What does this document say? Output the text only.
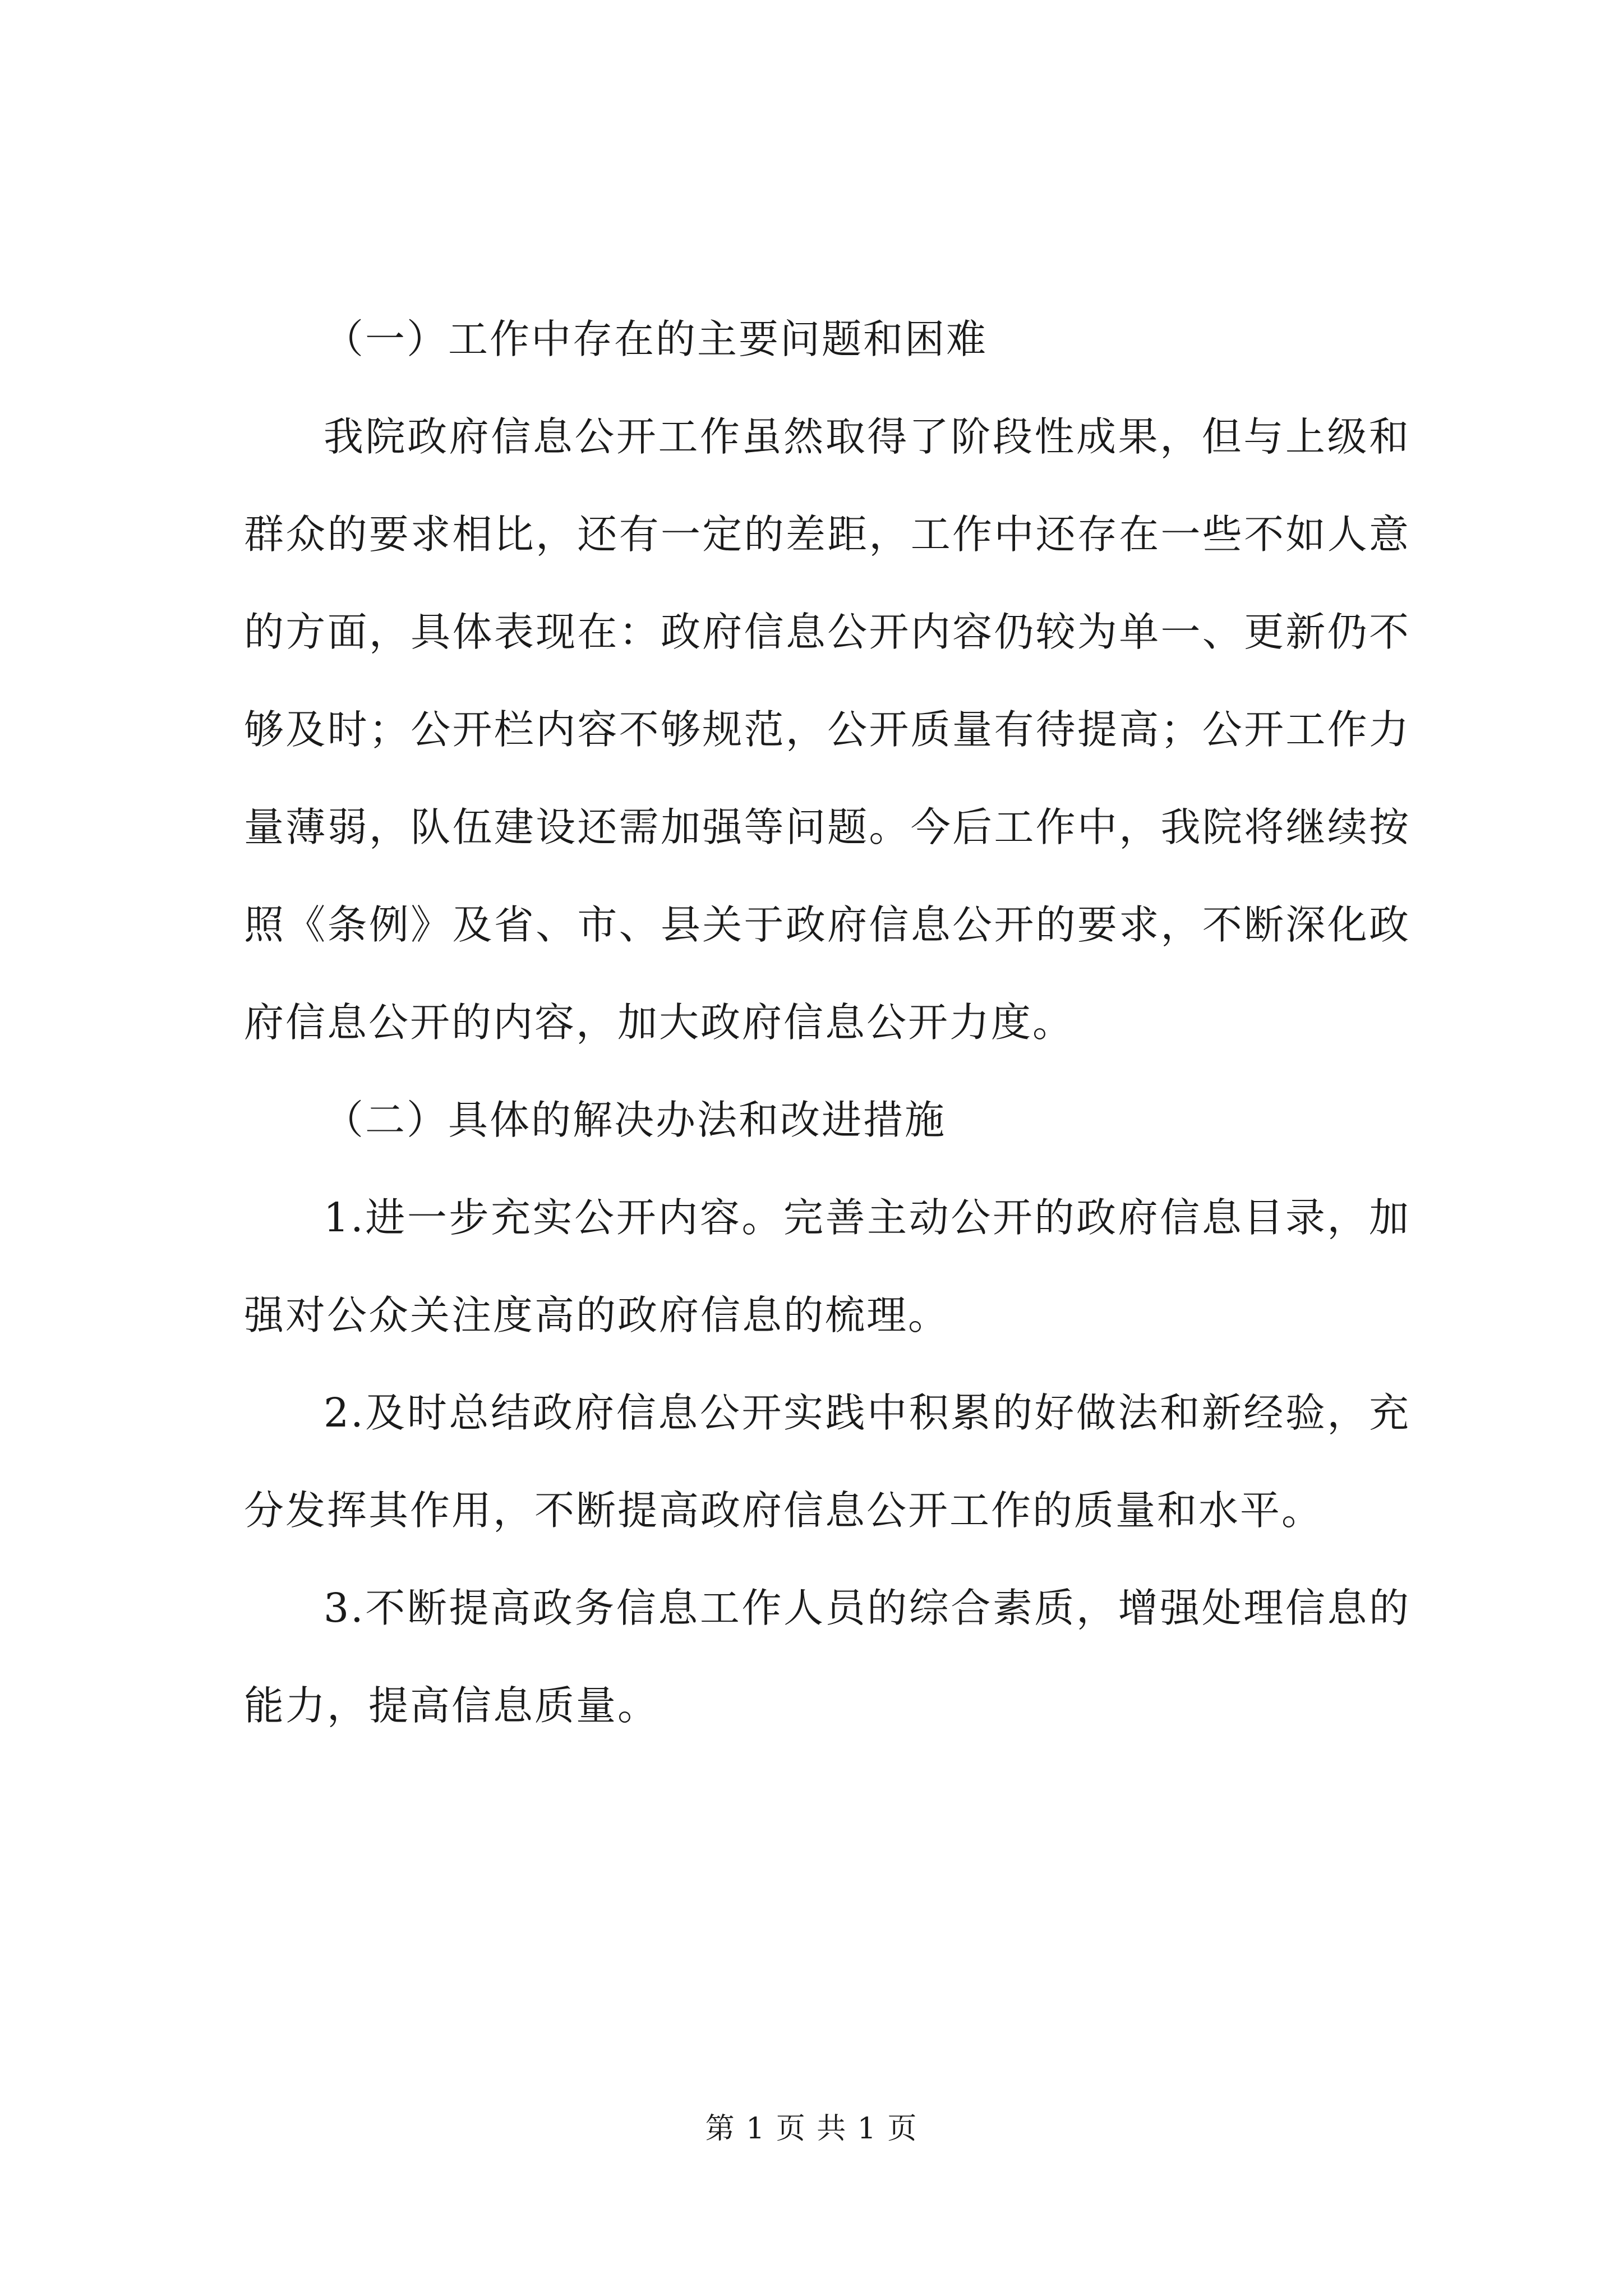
（一）工作中存在的主要问题和困难

我院政府信息公开工作虽然取得了阶段性成果，但与上级和群众的要求相比，还有一定的差距，工作中还存在一些不如人意的方面，具体表现在：政府信息公开内容仍较为单一、更新仍不够及时；公开栏内容不够规范，公开质量有待提高；公开工作力量薄弱，队伍建设还需加强等问题。今后工作中，我院将继续按照《条例》及省、市、县关于政府信息公开的要求，不断深化政府信息公开的内容，加大政府信息公开力度。

（二）具体的解决办法和改进措施

1.进一步充实公开内容。完善主动公开的政府信息目录，加强对公众关注度高的政府信息的梳理。

2.及时总结政府信息公开实践中积累的好做法和新经验，充分发挥其作用，不断提高政府信息公开工作的质量和水平。

3.不断提高政务信息工作人员的综合素质，增强处理信息的能力，提高信息质量。

第 1 页 共 1 页
